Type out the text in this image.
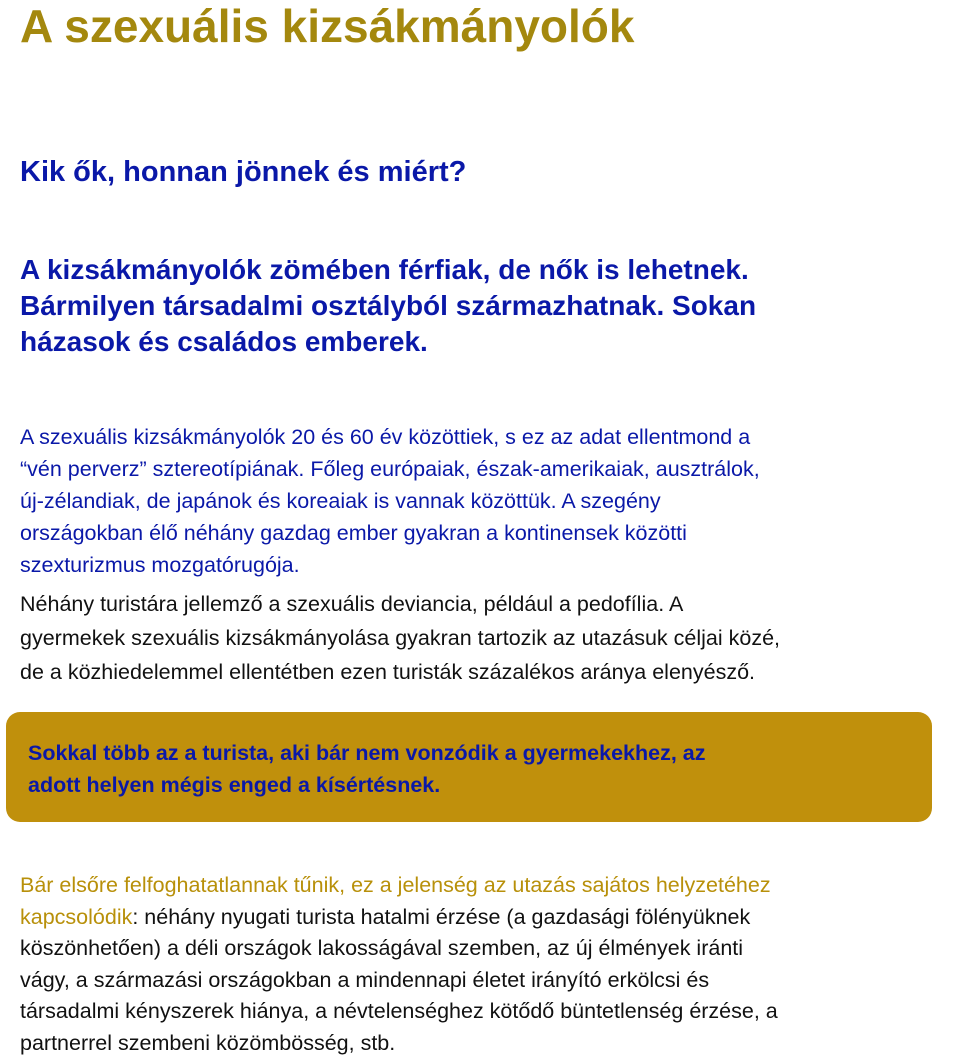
A szexuális kizsákmányolók
Kik ők, honnan jönnek és miért?

A kizsákmányolók zömében férfiak, de nők is lehetnek.
Bármilyen társadalmi osztályból származhatnak. Sokan
házasok és családos emberek.

A szexuális kizsákmányolók 20 és 60 év közöttiek, s ez az adat ellentmond a
“vén perverz” sztereotípiának. Főleg európaiak, észak-amerikaiak, ausztrálok,
új-zélandiak, de japánok és koreaiak is vannak közöttük. A szegény
országokban élő néhány gazdag ember gyakran a kontinensek közötti
szexturizmus mozgatórugója.

Néhány turistára jellemző a szexuális deviancia, például a pedofília. A
gyermekek szexuális kizsákmányolása gyakran tartozik az utazásuk céljai közé,
de a közhiedelemmel ellentétben ezen turisták százalékos aránya elenyésző.

Sokkal több az a turista, aki bár nem vonzódik a gyermekekhez, az
adott helyen mégis enged a kísértésnek.

Bár elsőre felfoghatatlannak tűnik, ez a jelenség az utazás sajátos helyzetéhez
kapcsolódik: néhány nyugati turista hatalmi érzése (a gazdasági fölényüknek
köszönhetően) a déli országok lakosságával szemben, az új élmények iránti
vágy, a származási országokban a mindennapi életet irányító erkölcsi és
társadalmi kényszerek hiánya, a névtelenséghez kötődő büntetlenség érzése, a
partnerrel szembeni közömbösség, stb.
